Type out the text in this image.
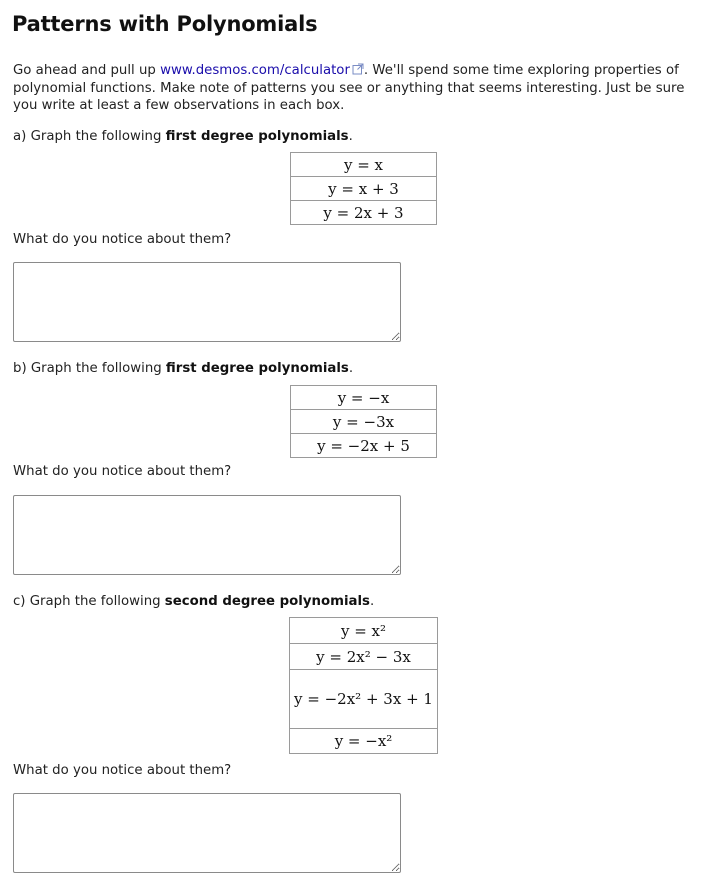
Patterns with Polynomials

Go ahead and pull up www.desmos.com/calculator . We'll spend some time exploring properties of polynomial functions. Make note of patterns you see or anything that seems interesting. Just be sure you write at least a few observations in each box.

a) Graph the following first degree polynomials.

y = x
y = x + 3
y = 2x + 3

What do you notice about them?

b) Graph the following first degree polynomials.

y = −x
y = −3x
y = −2x + 5

What do you notice about them?

c) Graph the following second degree polynomials.

y = x²
y = 2x² − 3x
y = −2x² + 3x + 1
y = −x²

What do you notice about them?
